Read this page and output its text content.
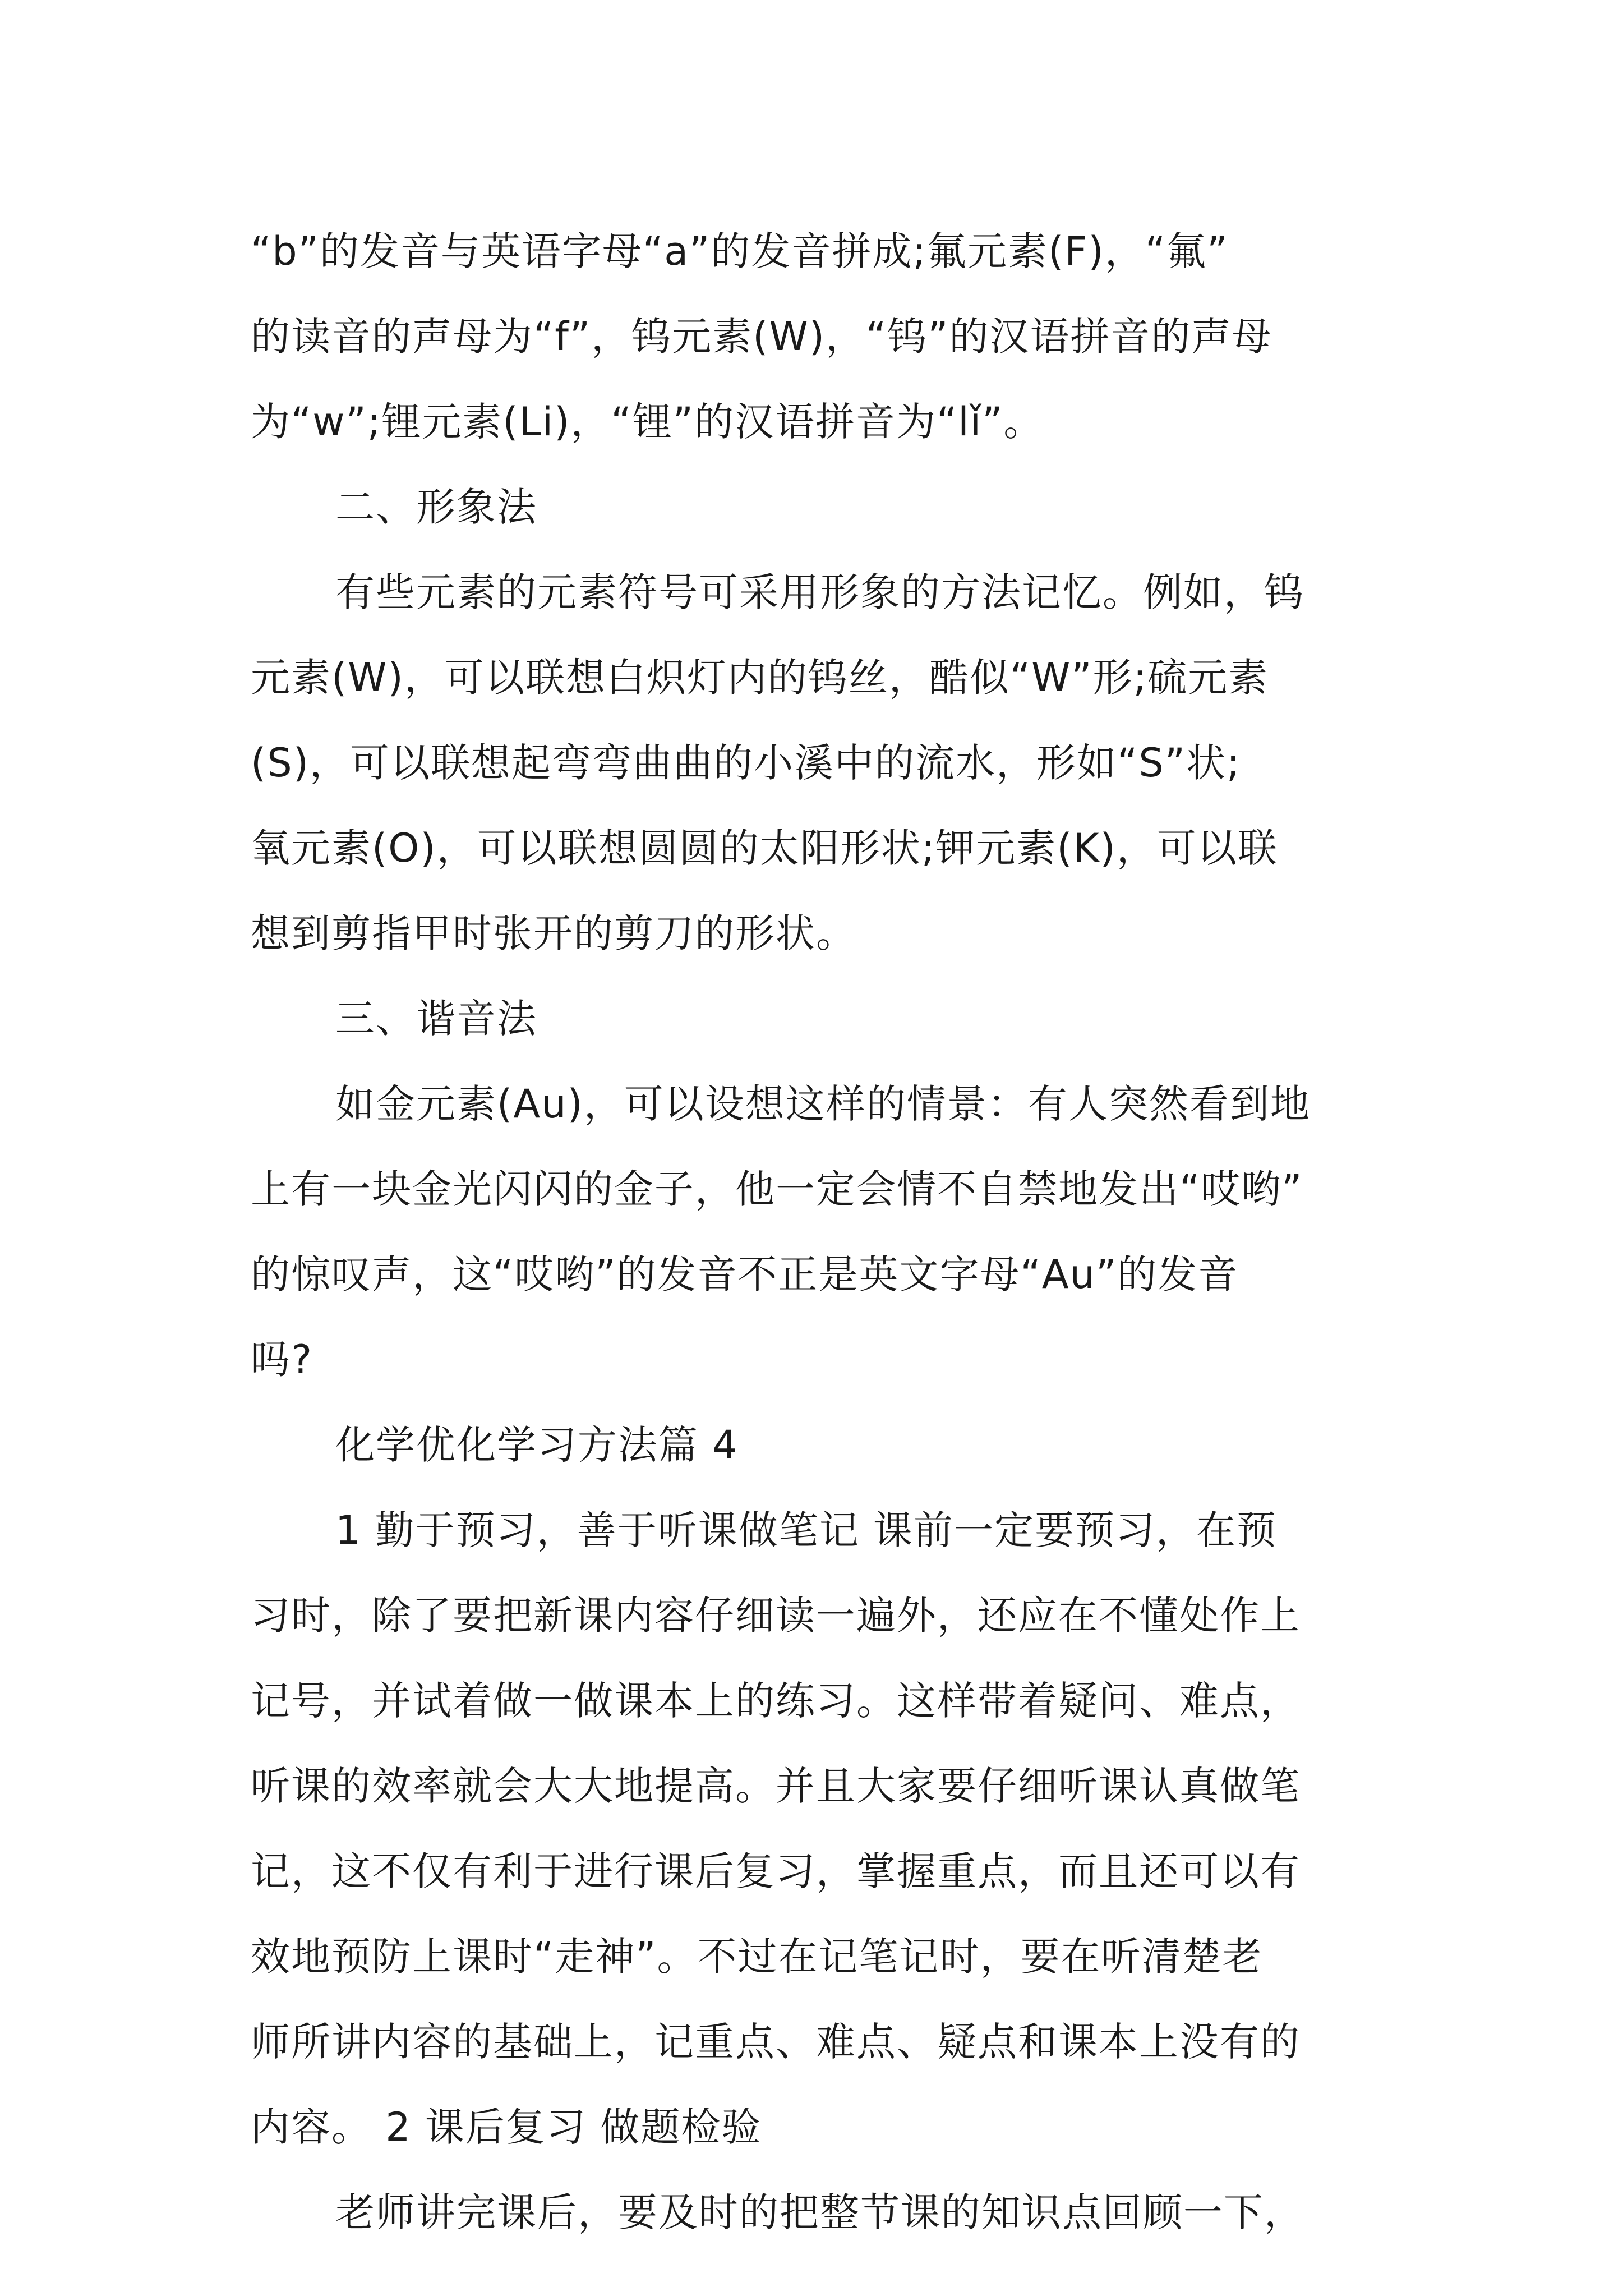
“b”的发音与英语字母“a”的发音拼成;氟元素(F)，“氟”

的读音的声母为“f”，钨元素(W)，“钨”的汉语拼音的声母

为“w”;锂元素(Li)，“锂”的汉语拼音为“lǐ”。

二、形象法

有些元素的元素符号可采用形象的方法记忆。例如，钨

元素(W)，可以联想白炽灯内的钨丝，酷似“W”形;硫元素

(S)，可以联想起弯弯曲曲的小溪中的流水，形如“S”状;

氧元素(O)，可以联想圆圆的太阳形状;钾元素(K)，可以联

想到剪指甲时张开的剪刀的形状。

三、谐音法

如金元素(Au)，可以设想这样的情景：有人突然看到地

上有一块金光闪闪的金子，他一定会情不自禁地发出“哎哟”

的惊叹声，这“哎哟”的发音不正是英文字母“Au”的发音

吗?

化学优化学习方法篇 4

1 勤于预习，善于听课做笔记 课前一定要预习，在预

习时，除了要把新课内容仔细读一遍外，还应在不懂处作上

记号，并试着做一做课本上的练习。这样带着疑问、难点，

听课的效率就会大大地提高。并且大家要仔细听课认真做笔

记，这不仅有利于进行课后复习，掌握重点，而且还可以有

效地预防上课时“走神”。不过在记笔记时，要在听清楚老

师所讲内容的基础上，记重点、难点、疑点和课本上没有的

内容。 2 课后复习 做题检验

老师讲完课后，要及时的把整节课的知识点回顾一下，
